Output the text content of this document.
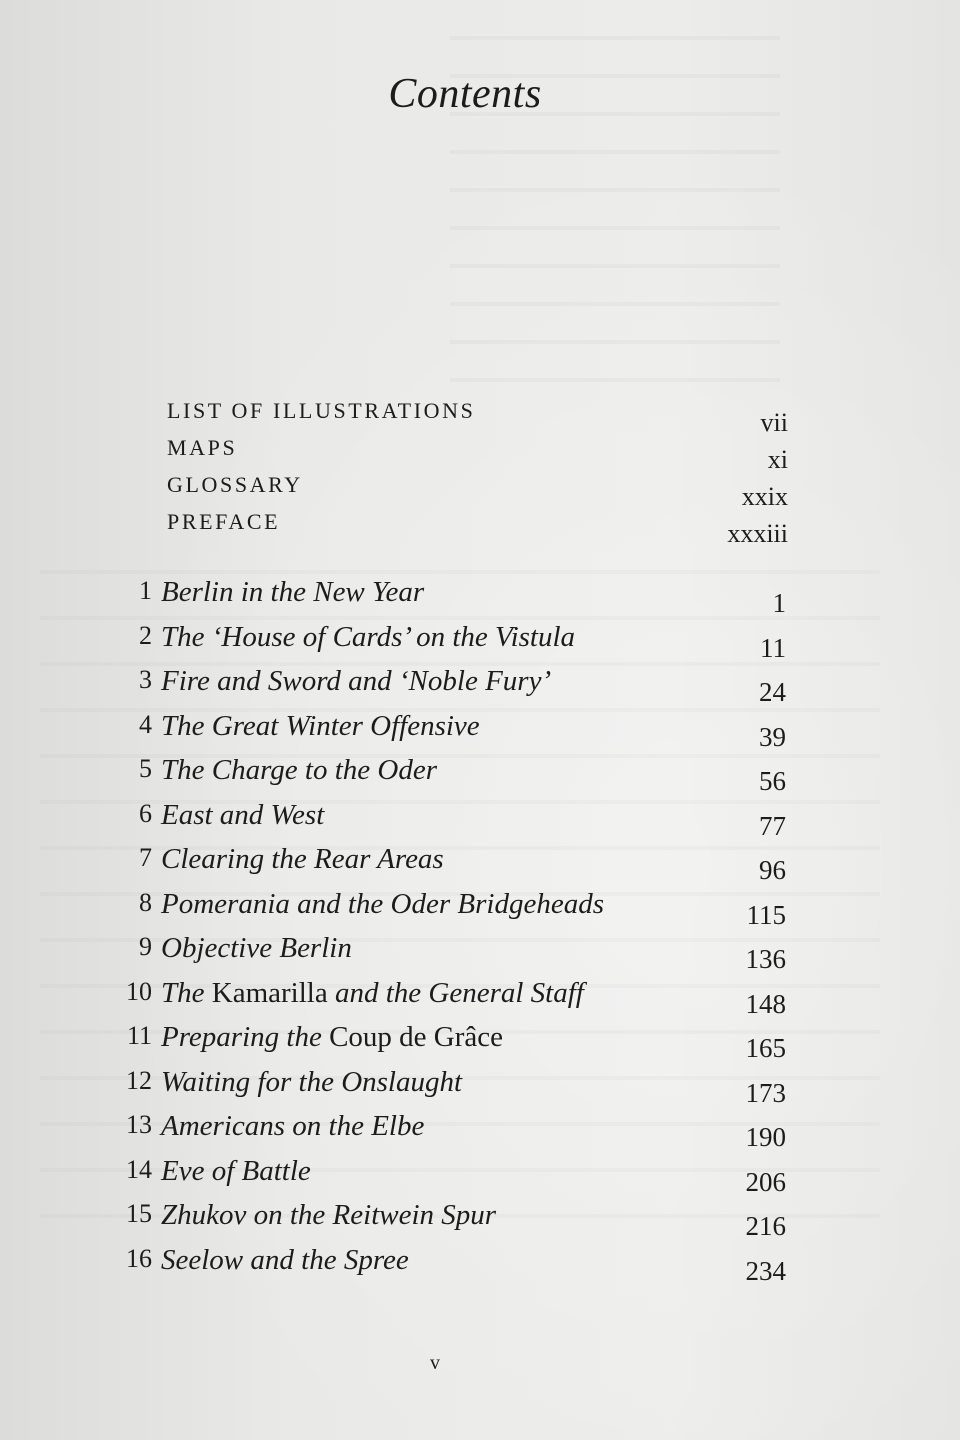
Contents
LIST OF ILLUSTRATIONS	vii
MAPS	xi
GLOSSARY	xxix
PREFACE	xxxiii
1 Berlin in the New Year	1
2 The ‘House of Cards’ on the Vistula	11
3 Fire and Sword and ‘Noble Fury’	24
4 The Great Winter Offensive	39
5 The Charge to the Oder	56
6 East and West	77
7 Clearing the Rear Areas	96
8 Pomerania and the Oder Bridgeheads	115
9 Objective Berlin	136
10 The Kamarilla and the General Staff	148
11 Preparing the Coup de Grâce	165
12 Waiting for the Onslaught	173
13 Americans on the Elbe	190
14 Eve of Battle	206
15 Zhukov on the Reitwein Spur	216
16 Seelow and the Spree	234
v
